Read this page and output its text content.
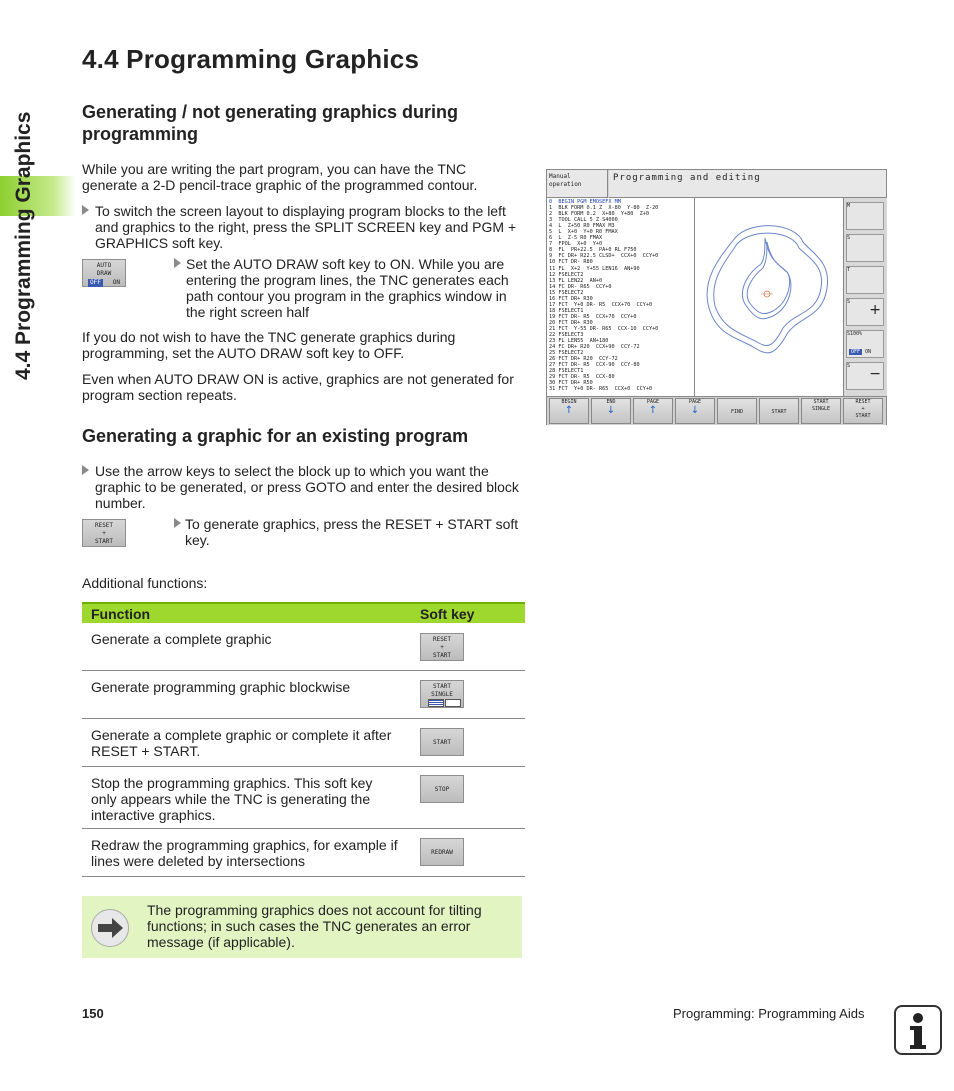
4.4 Programming Graphics
4.4 Programming Graphics
Generating / not generating graphics during programming

While you are writing the part program, you can have the TNC generate a 2-D pencil-trace graphic of the programmed contour.

To switch the screen layout to displaying program blocks to the left and graphics to the right, press the SPLIT SCREEN key and PGM + GRAPHICS soft key.

AUTO
DRAW
OFF	ON

Set the AUTO DRAW soft key to ON. While you are entering the program lines, the TNC generates each path contour you program in the graphics window in the right screen half

If you do not wish to have the TNC generate graphics during programming, set the AUTO DRAW soft key to OFF.

Even when AUTO DRAW ON is active, graphics are not generated for program section repeats.

Generating a graphic for an existing program

Use the arrow keys to select the block up to which you want the graphic to be generated, or press GOTO and enter the desired block number.

RESET
+
START

To generate graphics, press the RESET + START soft key.

Additional functions:

Function	Soft key
Generate a complete graphic	RESET
+
START
Generate programming graphic blockwise	START
SINGLE
Generate a complete graphic or complete it after RESET + START.
START
Stop the programming graphics. This soft key only appears while the TNC is generating the interactive graphics.
STOP
Redraw the programming graphics, for example if lines were deleted by intersections
REDRAW
The programming graphics does not account for tilting functions; in such cases the TNC generates an error message (if applicable).
Manual
operation
Programming and editing
0  BEGIN PGM EMOSEFX MM
1  BLK FORM 0.1 Z  X-80  Y-80  Z-20
2  BLK FORM 0.2  X+80  Y+80  Z+0
3  TOOL CALL 5 Z S4000
4  L  Z+50 R0 FMAX M3
5  L  X+0  Y+0 R0 FMAX
6  L  Z-5 R0 FMAX
7  FPOL  X+0  Y+0
8  FL  PR+22.5  PA+0 RL F750
9  FC DR+ R22.5 CLSD+  CCX+0  CCY+0
10 FCT DR- R80
11 FL  X+2  Y+55 LEN16  AN+90
12 FSELECT2
13 FL LEN22  AN+0
14 FC DR- R65  CCY+0
15 FSELECT2
16 FCT DR+ R30
17 FCT  Y+0 DR- R5  CCX+70  CCY+0
18 FSELECT1
19 FCT DR- R5  CCX+70  CCY+0
20 FCT DR+ R30
21 FCT  Y-55 DR- R65  CCX-10  CCY+0
22 FSELECT3
23 FL LEN55  AN+180
24 FC DR+ R20  CCX+90  CCY-72
25 FSELECT2
26 FCT DR+ R20  CCY-72
27 FCT DR- R5  CCX-90  CCY-80
28 FSELECT1
29 FCT DR- R5  CCX-80
30 FCT DR+ R50
31 FCT  Y+0 DR- R65  CCX+0  CCY+0
M
S
T
S +
S100%
OFF ON
S −
BEGIN
↑
END
↓
PAGE
↑
PAGE
↓	FIND	START
START
SINGLE
RESET
+
START
150	Programming: Programming Aids
